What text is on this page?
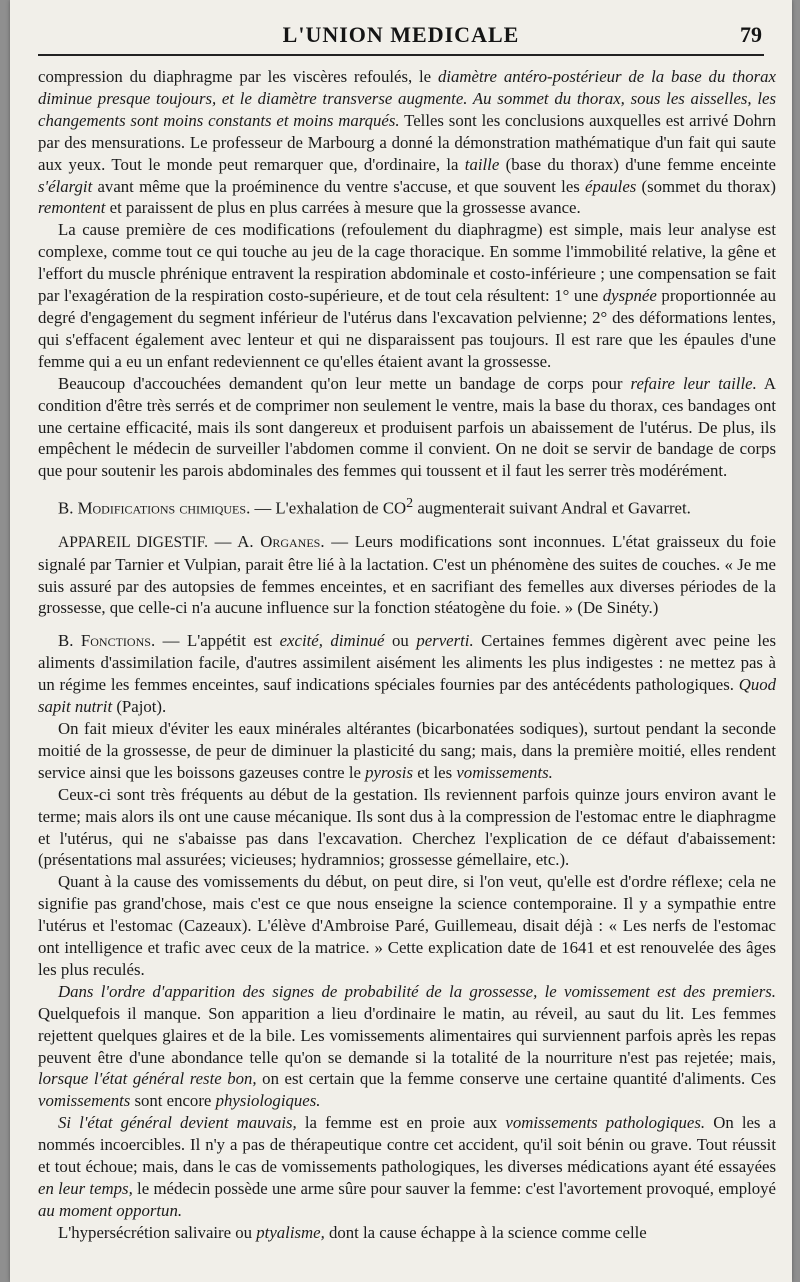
L'UNION MEDICALE	79

compression du diaphragme par les viscères refoulés, le diamètre antéro-postérieur de la base du thorax diminue presque toujours, et le diamètre transverse augmente. Au sommet du thorax, sous les aisselles, les changements sont moins constants et moins marqués. Telles sont les conclusions auxquelles est arrivé Dohrn par des mensurations. Le professeur de Marbourg a donné la démonstration mathématique d'un fait qui saute aux yeux. Tout le monde peut remarquer que, d'ordinaire, la taille (base du thorax) d'une femme enceinte s'élargit avant même que la proéminence du ventre s'accuse, et que souvent les épaules (sommet du thorax) remontent et paraissent de plus en plus carrées à mesure que la grossesse avance.

La cause première de ces modifications (refoulement du diaphragme) est simple, mais leur analyse est complexe, comme tout ce qui touche au jeu de la cage thoracique. En somme l'immobilité relative, la gêne et l'effort du muscle phrénique entravent la respiration abdominale et costo-inférieure ; une compensation se fait par l'exagération de la respiration costo-supérieure, et de tout cela résultent: 1° une dyspnée proportionnée au degré d'engagement du segment inférieur de l'utérus dans l'excavation pelvienne; 2° des déformations lentes, qui s'effacent également avec lenteur et qui ne disparaissent pas toujours. Il est rare que les épaules d'une femme qui a eu un enfant redeviennent ce qu'elles étaient avant la grossesse.

Beaucoup d'accouchées demandent qu'on leur mette un bandage de corps pour refaire leur taille. A condition d'être très serrés et de comprimer non seulement le ventre, mais la base du thorax, ces bandages ont une certaine efficacité, mais ils sont dangereux et produisent parfois un abaissement de l'utérus. De plus, ils empêchent le médecin de surveiller l'abdomen comme il convient. On ne doit se servir de bandage de corps que pour soutenir les parois abdominales des femmes qui toussent et il faut les serrer très modérément.

B. Modifications chimiques. — L'exhalation de $CO^2$ augmenterait suivant Andral et Gavarret.

APPAREIL DIGESTIF. — A. Organes. — Leurs modifications sont inconnues. L'état graisseux du foie signalé par Tarnier et Vulpian, parait être lié à la lactation. C'est un phénomène des suites de couches. « Je me suis assuré par des autopsies de femmes enceintes, et en sacrifiant des femelles aux diverses périodes de la grossesse, que celle-ci n'a aucune influence sur la fonction stéatogène du foie. » (De Sinéty.)

B. Fonctions. — L'appétit est excité, diminué ou perverti. Certaines femmes digèrent avec peine les aliments d'assimilation facile, d'autres assimilent aisément les aliments les plus indigestes : ne mettez pas à un régime les femmes enceintes, sauf indications spéciales fournies par des antécédents pathologiques. Quod sapit nutrit (Pajot).

On fait mieux d'éviter les eaux minérales altérantes (bicarbonatées sodiques), surtout pendant la seconde moitié de la grossesse, de peur de diminuer la plasticité du sang; mais, dans la première moitié, elles rendent service ainsi que les boissons gazeuses contre le pyrosis et les vomissements.

Ceux-ci sont très fréquents au début de la gestation. Ils reviennent parfois quinze jours environ avant le terme; mais alors ils ont une cause mécanique. Ils sont dus à la compression de l'estomac entre le diaphragme et l'utérus, qui ne s'abaisse pas dans l'excavation. Cherchez l'explication de ce défaut d'abaissement: (présentations mal assurées; vicieuses; hydramnios; grossesse gémellaire, etc.).

Quant à la cause des vomissements du début, on peut dire, si l'on veut, qu'elle est d'ordre réflexe; cela ne signifie pas grand'chose, mais c'est ce que nous enseigne la science contemporaine. Il y a sympathie entre l'utérus et l'estomac (Cazeaux). L'élève d'Ambroise Paré, Guillemeau, disait déjà : « Les nerfs de l'estomac ont intelligence et trafic avec ceux de la matrice. » Cette explication date de 1641 et est renouvelée des âges les plus reculés.

Dans l'ordre d'apparition des signes de probabilité de la grossesse, le vomissement est des premiers. Quelquefois il manque. Son apparition a lieu d'ordinaire le matin, au réveil, au saut du lit. Les femmes rejettent quelques glaires et de la bile. Les vomissements alimentaires qui surviennent parfois après les repas peuvent être d'une abondance telle qu'on se demande si la totalité de la nourriture n'est pas rejetée; mais, lorsque l'état général reste bon, on est certain que la femme conserve une certaine quantité d'aliments. Ces vomissements sont encore physiologiques.

Si l'état général devient mauvais, la femme est en proie aux vomissements pathologiques. On les a nommés incoercibles. Il n'y a pas de thérapeutique contre cet accident, qu'il soit bénin ou grave. Tout réussit et tout échoue; mais, dans le cas de vomissements pathologiques, les diverses médications ayant été essayées en leur temps, le médecin possède une arme sûre pour sauver la femme: c'est l'avortement provoqué, employé au moment opportun.

L'hypersécrétion salivaire ou ptyalisme, dont la cause échappe à la science comme celle
